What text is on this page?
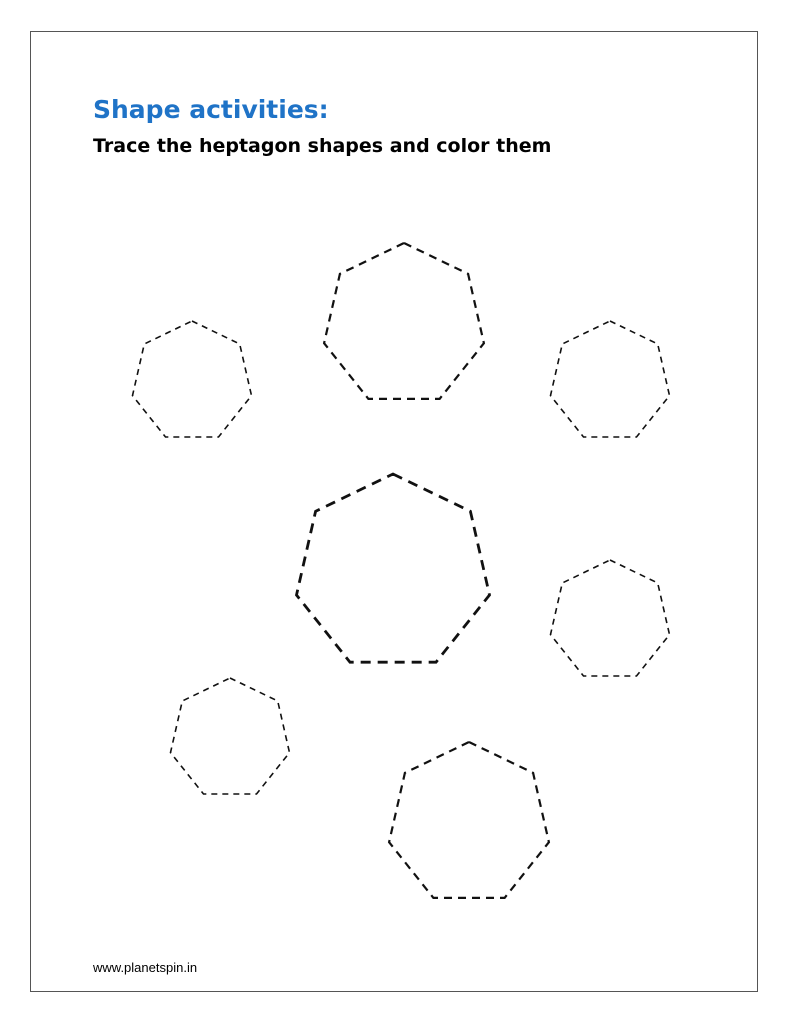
Shape activities:

Trace the heptagon shapes and color them

www.planetspin.in
